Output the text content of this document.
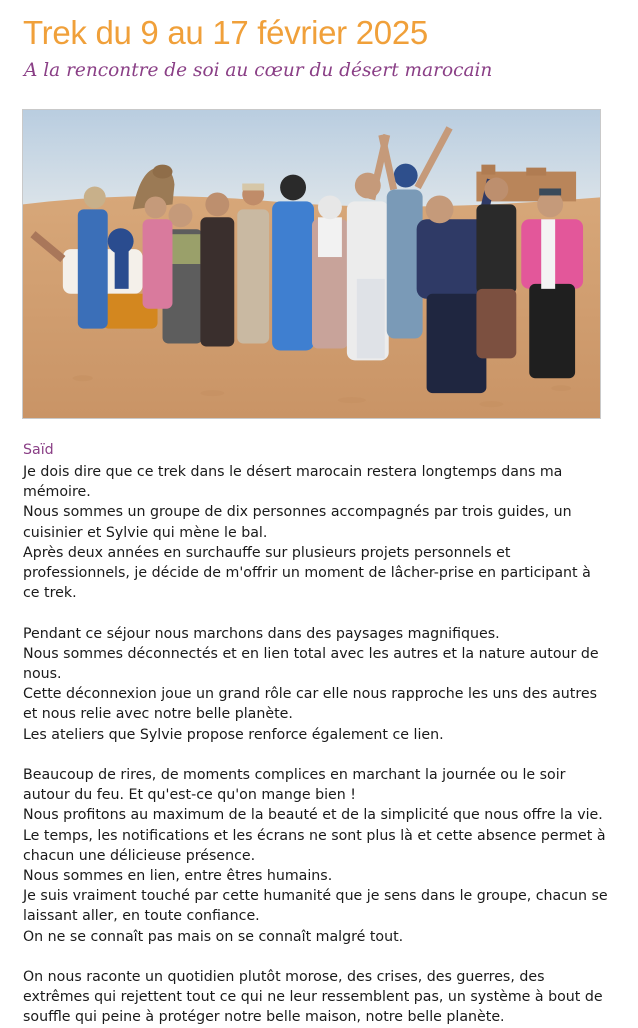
Trek du 9 au 17 février 2025
A la rencontre de soi au cœur du désert marocain
Saïd

Je dois dire que ce trek dans le désert marocain restera longtemps dans ma mémoire.

Nous sommes un groupe de dix personnes accompagnés par trois guides, un cuisinier et Sylvie qui mène le bal.

Après deux années en surchauffe sur plusieurs projets personnels et professionnels, je décide de m'offrir un moment de lâcher-prise en participant à ce trek.

Pendant ce séjour nous marchons dans des paysages magnifiques.

Nous sommes déconnectés et en lien total avec les autres et la nature autour de nous.

Cette déconnexion joue un grand rôle car elle nous rapproche les uns des autres et nous relie avec notre belle planète.

Les ateliers que Sylvie propose renforce également ce lien.

Beaucoup de rires, de moments complices en marchant la journée ou le soir autour du feu. Et qu'est-ce qu'on mange bien !

Nous profitons au maximum de la beauté et de la simplicité que nous offre la vie. Le temps, les notifications et les écrans ne sont plus là et cette absence permet à chacun une délicieuse présence.

Nous sommes en lien, entre êtres humains.

Je suis vraiment touché par cette humanité que je sens dans le groupe, chacun se laissant aller, en toute confiance.

On ne se connaît pas mais on se connaît malgré tout.

On nous raconte un quotidien plutôt morose, des crises, des guerres, des extrêmes qui rejettent tout ce qui ne leur ressemblent pas, un système à bout de souffle qui peine à protéger notre belle maison, notre belle planète.
